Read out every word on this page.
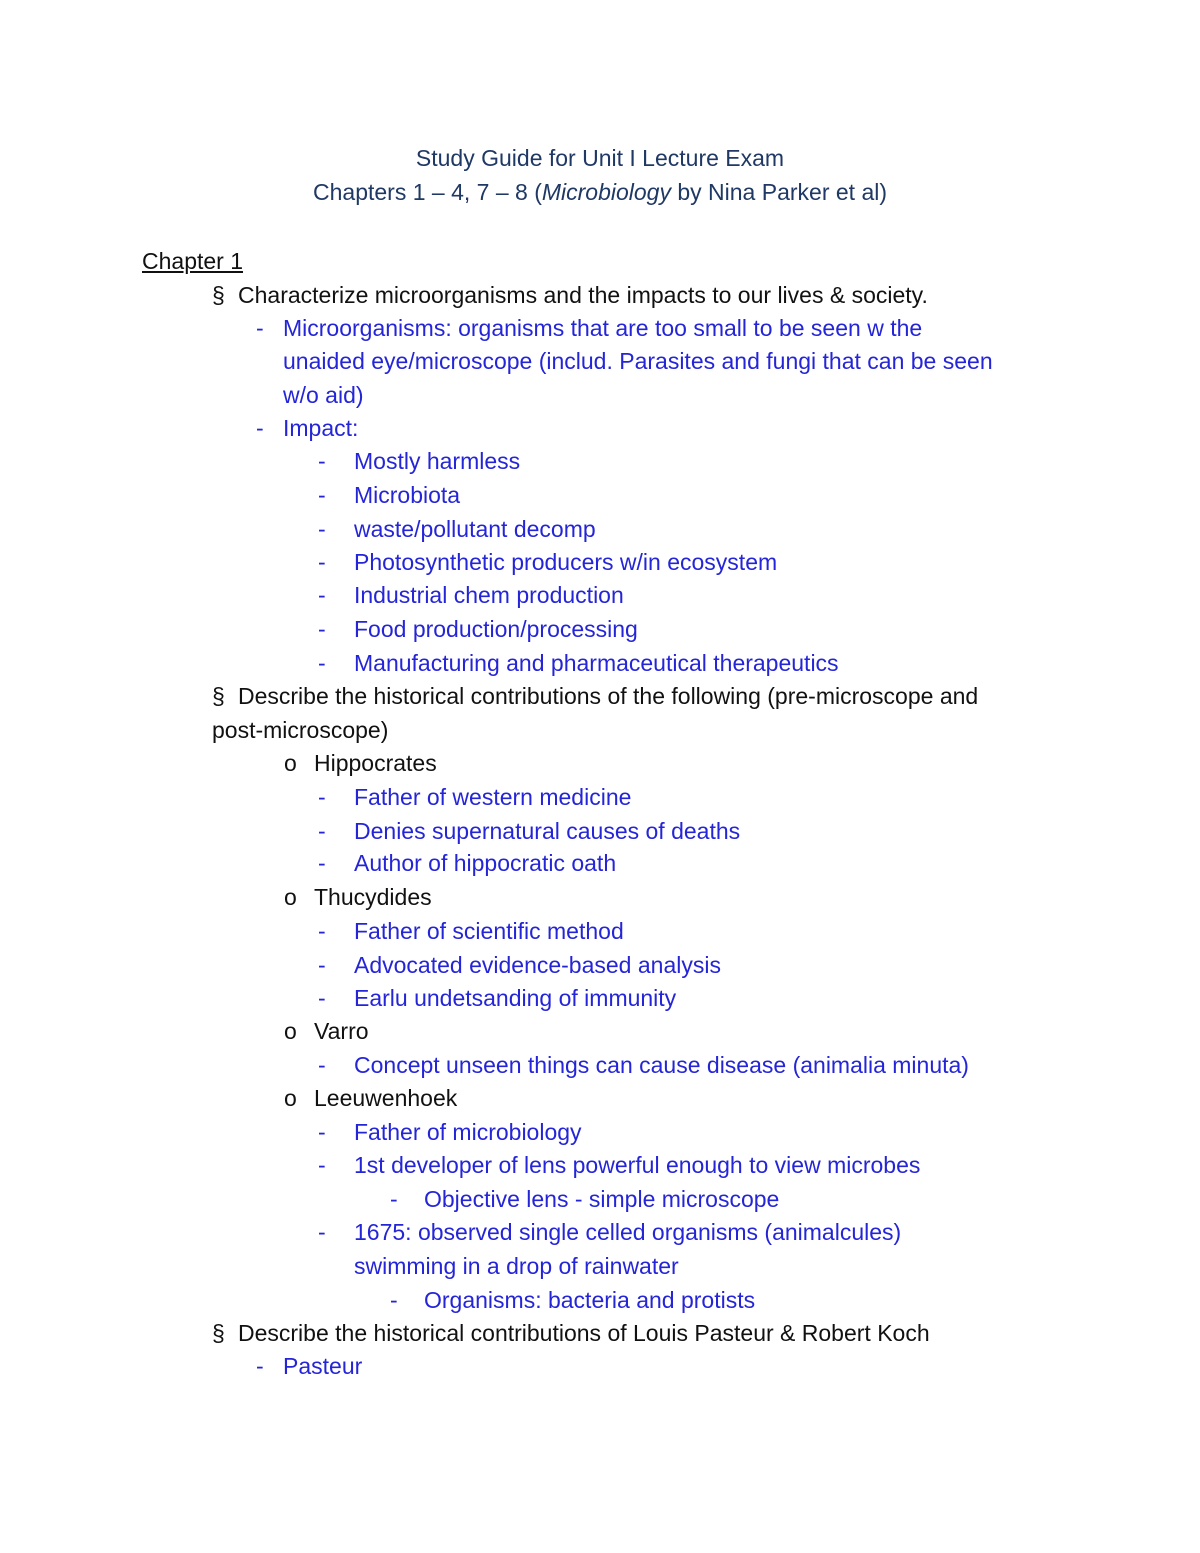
Study Guide for Unit I Lecture Exam
Chapters 1 – 4, 7 – 8 (Microbiology by Nina Parker et al)
Chapter 1
§ Characterize microorganisms and the impacts to our lives & society.
- Microorganisms: organisms that are too small to be seen w the
unaided eye/microscope (includ. Parasites and fungi that can be seen
w/o aid)
- Impact:
- Mostly harmless
- Microbiota
- waste/pollutant decomp
- Photosynthetic producers w/in ecosystem
- Industrial chem production
- Food production/processing
- Manufacturing and pharmaceutical therapeutics
§ Describe the historical contributions of the following (pre-microscope and
post-microscope)
o Hippocrates
- Father of western medicine
- Denies supernatural causes of deaths
- Author of hippocratic oath
o Thucydides
- Father of scientific method
- Advocated evidence-based analysis
- Earlu undetsanding of immunity
o Varro
- Concept unseen things can cause disease (animalia minuta)
o Leeuwenhoek
- Father of microbiology
- 1st developer of lens powerful enough to view microbes
- Objective lens - simple microscope
- 1675: observed single celled organisms (animalcules)
swimming in a drop of rainwater
- Organisms: bacteria and protists
§ Describe the historical contributions of Louis Pasteur & Robert Koch
- Pasteur
